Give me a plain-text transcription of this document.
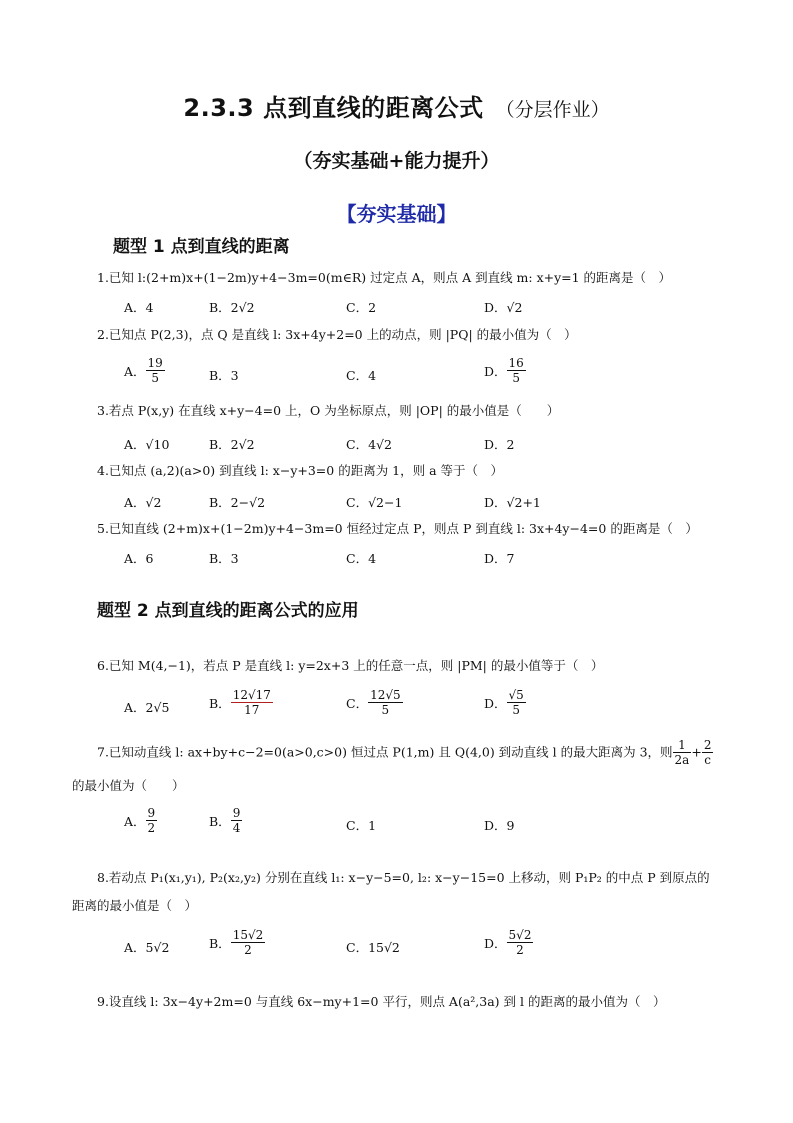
2.3.3 点到直线的距离公式 （分层作业）
（夯实基础+能力提升）
【夯实基础】
题型 1 点到直线的距离
1.已知 l:(2+m)x+(1−2m)y+4−3m=0(m∈R) 过定点 A，则点 A 到直线 m: x+y=1 的距离是（　）
A．4	B．2√2	C．2	D．√2
2.已知点 P(2,3)，点 Q 是直线 l: 3x+4y+2=0 上的动点，则 |PQ| 的最小值为（　）
A． $\frac{19}{5}$	B．3	C．4	D． $\frac{16}{5}$
3.若点 P(x,y) 在直线 x+y−4=0 上，O 为坐标原点，则 |OP| 的最小值是（　　）
A．√10	B．2√2	C．4√2	D．2
4.已知点 (a,2)(a>0) 到直线 l: x−y+3=0 的距离为 1，则 a 等于（　）
A．√2	B．2−√2	C．√2−1	D．√2+1
5.已知直线 (2+m)x+(1−2m)y+4−3m=0 恒经过定点 P，则点 P 到直线 l: 3x+4y−4=0 的距离是（　）
A．6	B．3	C．4	D．7
题型 2 点到直线的距离公式的应用
6.已知 M(4,−1)，若点 P 是直线 l: y=2x+3 上的任意一点，则 |PM| 的最小值等于（　）
A．2√5	B． $\frac{12√17}{17}$	C． $\frac{12√5}{5}$	D． $\frac{√5}{5}$
7.已知动直线 l: ax+by+c−2=0(a>0,c>0) 恒过点 P(1,m) 且 Q(4,0) 到动直线 l 的最大距离为 3，则 $\frac{1}{2a} + \frac{2}{c}$
的最小值为（　　）
A． $\frac{9}{2}$	B． $\frac{9}{4}$	C．1	D．9
8.若动点 P₁(x₁,y₁), P₂(x₂,y₂) 分别在直线 l₁: x−y−5=0, l₂: x−y−15=0 上移动，则 P₁P₂ 的中点 P 到原点的
距离的最小值是（　）
A．5√2	B． $\frac{15√2}{2}$	C．15√2	D． $\frac{5√2}{2}$
9.设直线 l: 3x−4y+2m=0 与直线 6x−my+1=0 平行，则点 A(a²,3a) 到 l 的距离的最小值为（　）
